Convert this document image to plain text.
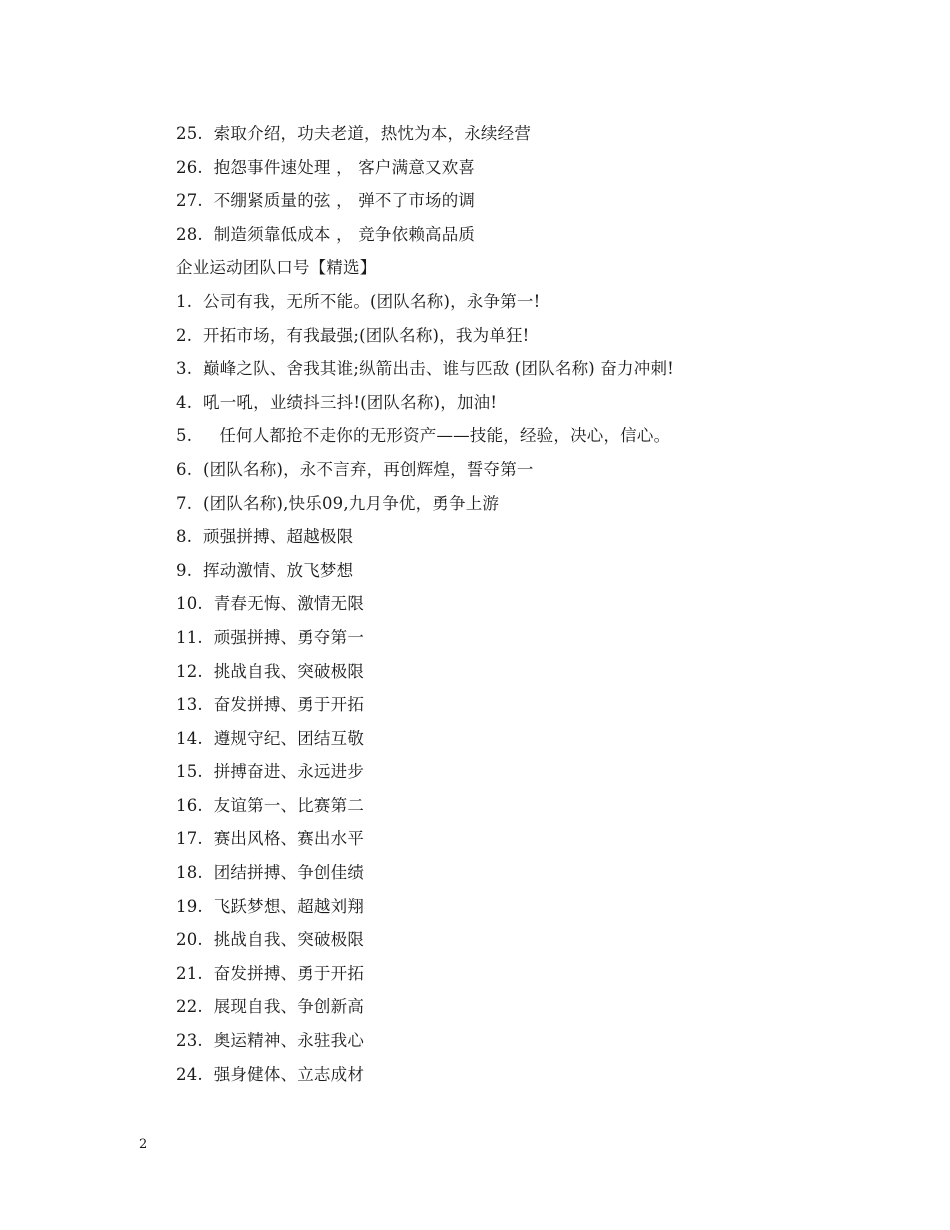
25.  索取介绍，功夫老道，热忱为本，永续经营
26.  抱怨事件速处理 ， 客户满意又欢喜
27.  不绷紧质量的弦 ， 弹不了市场的调
28.  制造须靠低成本 ， 竞争依赖高品质
企业运动团队口号【精选】
1.  公司有我，无所不能。(团队名称)，永争第一!
2.  开拓市场，有我最强;(团队名称)，我为单狂!
3.  巅峰之队、舍我其谁;纵箭出击、谁与匹敌 (团队名称) 奋力冲刺!
4.  吼一吼，业绩抖三抖!(团队名称)，加油!
5.     任何人都抢不走你的无形资产——技能，经验，决心，信心。
6.  (团队名称)，永不言弃，再创辉煌，誓夺第一
7.  (团队名称),快乐09,九月争优，勇争上游
8.  顽强拼搏、超越极限
9.  挥动激情、放飞梦想
10.  青春无悔、激情无限
11.  顽强拼搏、勇夺第一
12.  挑战自我、突破极限
13.  奋发拼搏、勇于开拓
14.  遵规守纪、团结互敬
15.  拼搏奋进、永远进步
16.  友谊第一、比赛第二
17.  赛出风格、赛出水平
18.  团结拼搏、争创佳绩
19.  飞跃梦想、超越刘翔
20.  挑战自我、突破极限
21.  奋发拼搏、勇于开拓
22.  展现自我、争创新高
23.  奥运精神、永驻我心
24.  强身健体、立志成材
2
